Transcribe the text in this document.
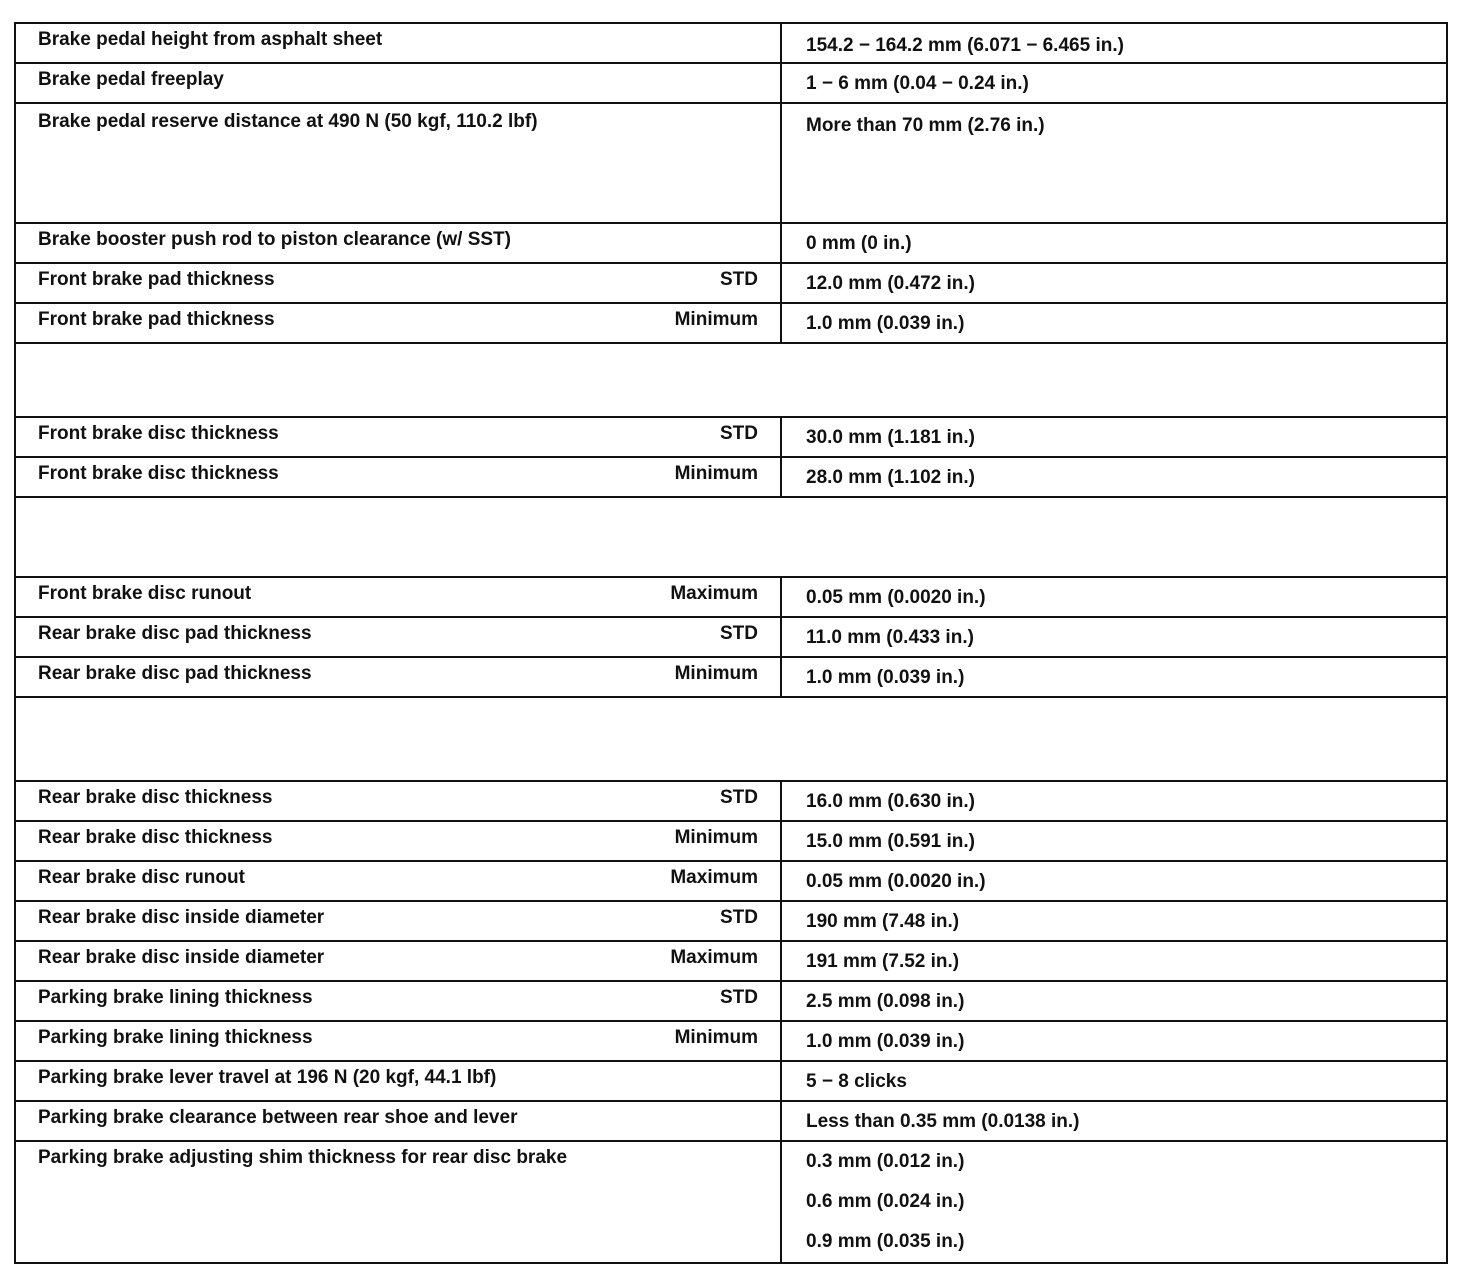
Brake pedal height from asphalt sheet	154.2 − 164.2 mm (6.071 − 6.465 in.)

Brake pedal freeplay	1 − 6 mm (0.04 − 0.24 in.)

Brake pedal reserve distance at 490 N (50 kgf, 110.2 lbf)	More than 70 mm (2.76 in.)

Brake booster push rod to piston clearance (w/ SST)	0 mm (0 in.)

Front brake pad thickness STD	12.0 mm (0.472 in.)

Front brake pad thickness Minimum	1.0 mm (0.039 in.)

Front brake disc thickness STD	30.0 mm (1.181 in.)

Front brake disc thickness Minimum	28.0 mm (1.102 in.)

Front brake disc runout Maximum	0.05 mm (0.0020 in.)

Rear brake disc pad thickness STD	11.0 mm (0.433 in.)

Rear brake disc pad thickness Minimum	1.0 mm (0.039 in.)

Rear brake disc thickness STD	16.0 mm (0.630 in.)

Rear brake disc thickness Minimum	15.0 mm (0.591 in.)

Rear brake disc runout Maximum	0.05 mm (0.0020 in.)

Rear brake disc inside diameter STD	190 mm (7.48 in.)

Rear brake disc inside diameter Maximum	191 mm (7.52 in.)

Parking brake lining thickness STD	2.5 mm (0.098 in.)

Parking brake lining thickness Minimum	1.0 mm (0.039 in.)

Parking brake lever travel at 196 N (20 kgf, 44.1 lbf)	5 − 8 clicks

Parking brake clearance between rear shoe and lever	Less than 0.35 mm (0.0138 in.)

Parking brake adjusting shim thickness for rear disc brake	0.3 mm (0.012 in.)
0.6 mm (0.024 in.)
0.9 mm (0.035 in.)
